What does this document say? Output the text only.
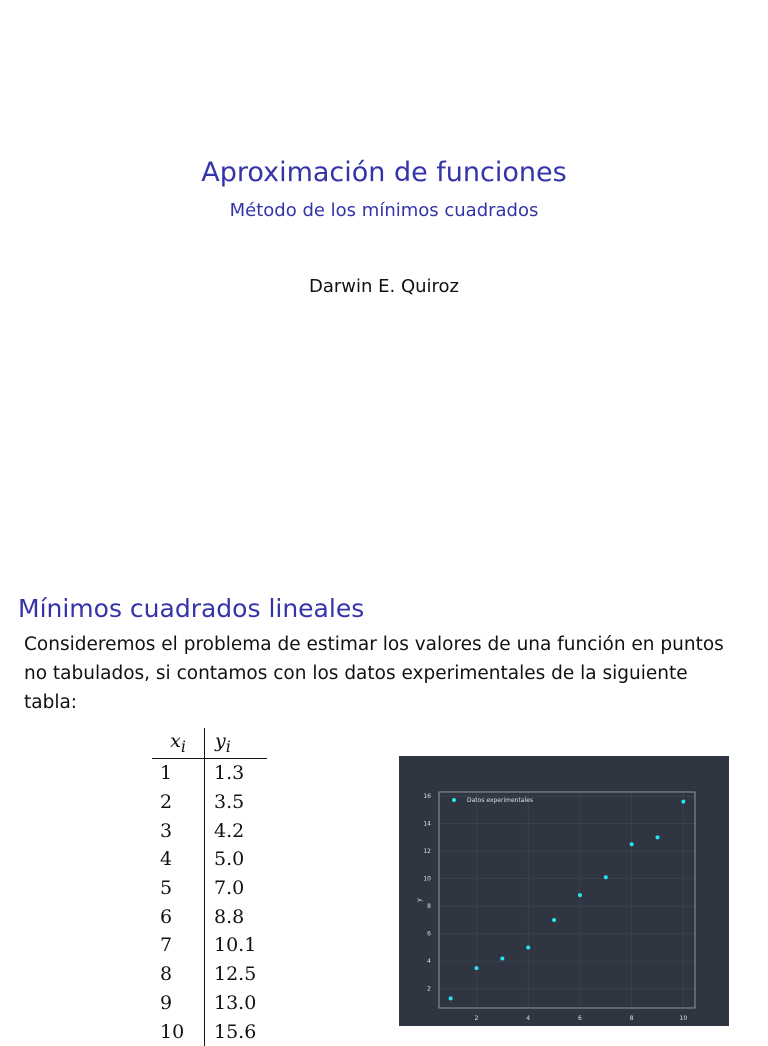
Aproximación de funciones
Método de los mínimos cuadrados
Darwin E. Quiroz
Mínimos cuadrados lineales
Consideremos el problema de estimar los valores de una función en puntos
no tabulados, si contamos con los datos experimentales de la siguiente
tabla:
$x_i$	$y_i$
1	1.3
2	3.5
3	4.2
4	5.0
5	7.0
6	8.8
7	10.1
8	12.5
9	13.0
10	15.6
2	4	6	8	10
2
4
6
8
10
12
14
16
y
Datos experimentales
